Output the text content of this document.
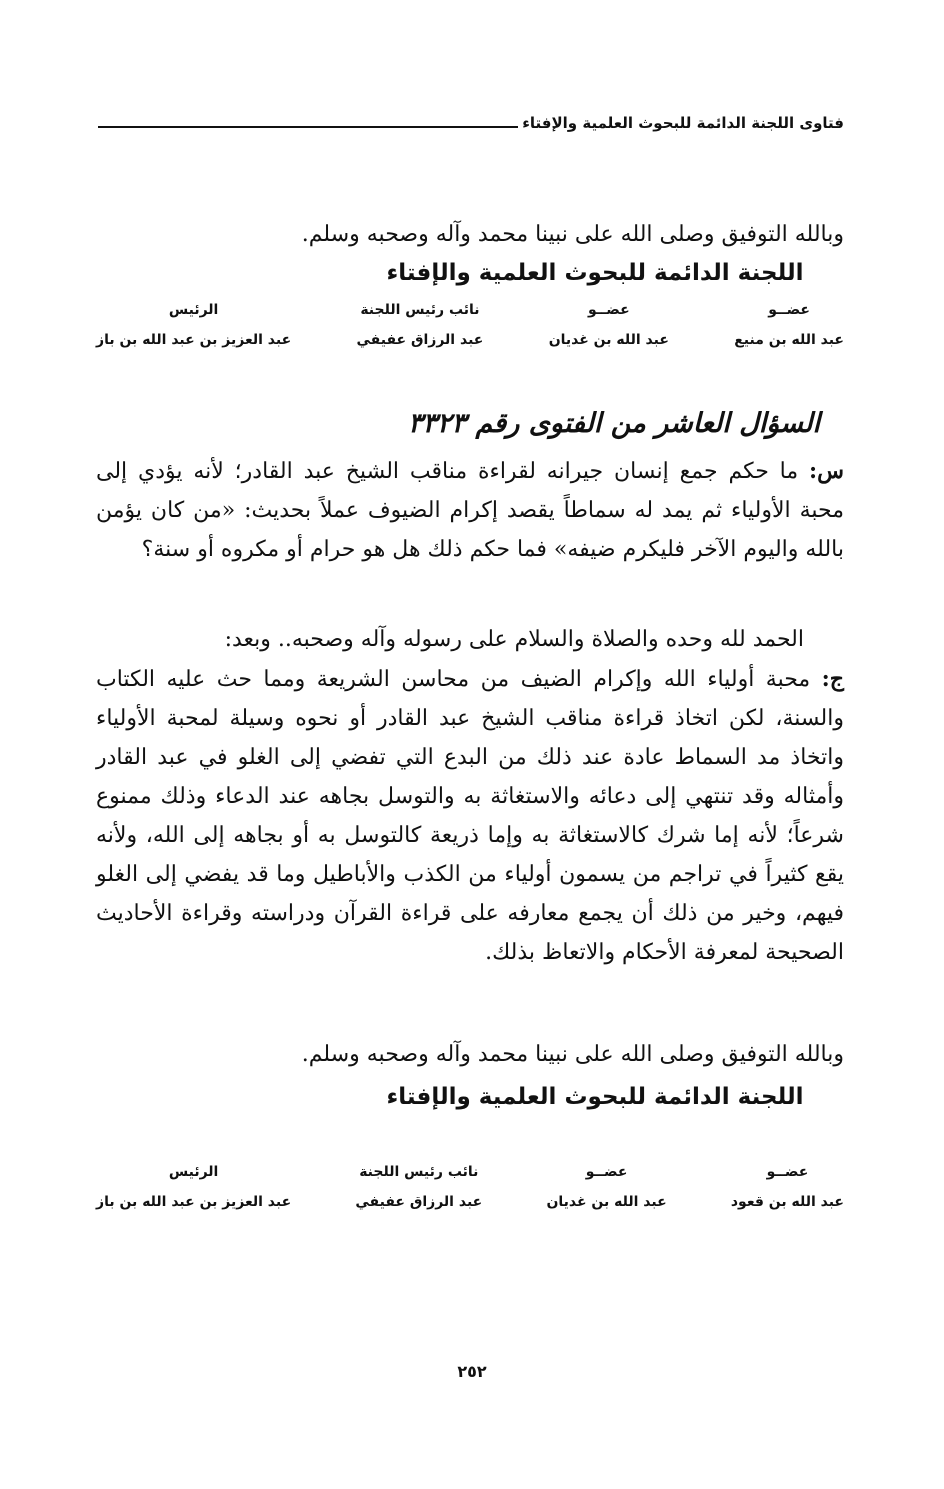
فتاوى اللجنة الدائمة للبحوث العلمية والإفتاء
وبالله التوفيق وصلى الله على نبينا محمد وآله وصحبه وسلم.
اللجنة الدائمة للبحوث العلمية والإفتاء
عضــو
عبد الله بن منيع
عضــو
عبد الله بن غديان
نائب رئيس اللجنة
عبد الرزاق عفيفي
الرئيس
عبد العزيز بن عبد الله بن باز
السؤال العاشر من الفتوى رقم ٣٣٢٣
س: ما حكم جمع إنسان جيرانه لقراءة مناقب الشيخ عبد القادر؛ لأنه يؤدي إلى محبة الأولياء ثم يمد له سماطاً يقصد إكرام الضيوف عملاً بحديث: «من كان يؤمن بالله واليوم الآخر فليكرم ضيفه» فما حكم ذلك هل هو حرام أو مكروه أو سنة؟
الحمد لله وحده والصلاة والسلام على رسوله وآله وصحبه.. وبعد:
ج: محبة أولياء الله وإكرام الضيف من محاسن الشريعة ومما حث عليه الكتاب والسنة، لكن اتخاذ قراءة مناقب الشيخ عبد القادر أو نحوه وسيلة لمحبة الأولياء واتخاذ مد السماط عادة عند ذلك من البدع التي تفضي إلى الغلو في عبد القادر وأمثاله وقد تنتهي إلى دعائه والاستغاثة به والتوسل بجاهه عند الدعاء وذلك ممنوع شرعاً؛ لأنه إما شرك كالاستغاثة به وإما ذريعة كالتوسل به أو بجاهه إلى الله، ولأنه يقع كثيراً في تراجم من يسمون أولياء من الكذب والأباطيل وما قد يفضي إلى الغلو فيهم، وخير من ذلك أن يجمع معارفه على قراءة القرآن ودراسته وقراءة الأحاديث الصحيحة لمعرفة الأحكام والاتعاظ بذلك.
وبالله التوفيق وصلى الله على نبينا محمد وآله وصحبه وسلم.
اللجنة الدائمة للبحوث العلمية والإفتاء
عضــو
عبد الله بن قعود
عضــو
عبد الله بن غديان
نائب رئيس اللجنة
عبد الرزاق عفيفي
الرئيس
عبد العزيز بن عبد الله بن باز
٢٥٢
